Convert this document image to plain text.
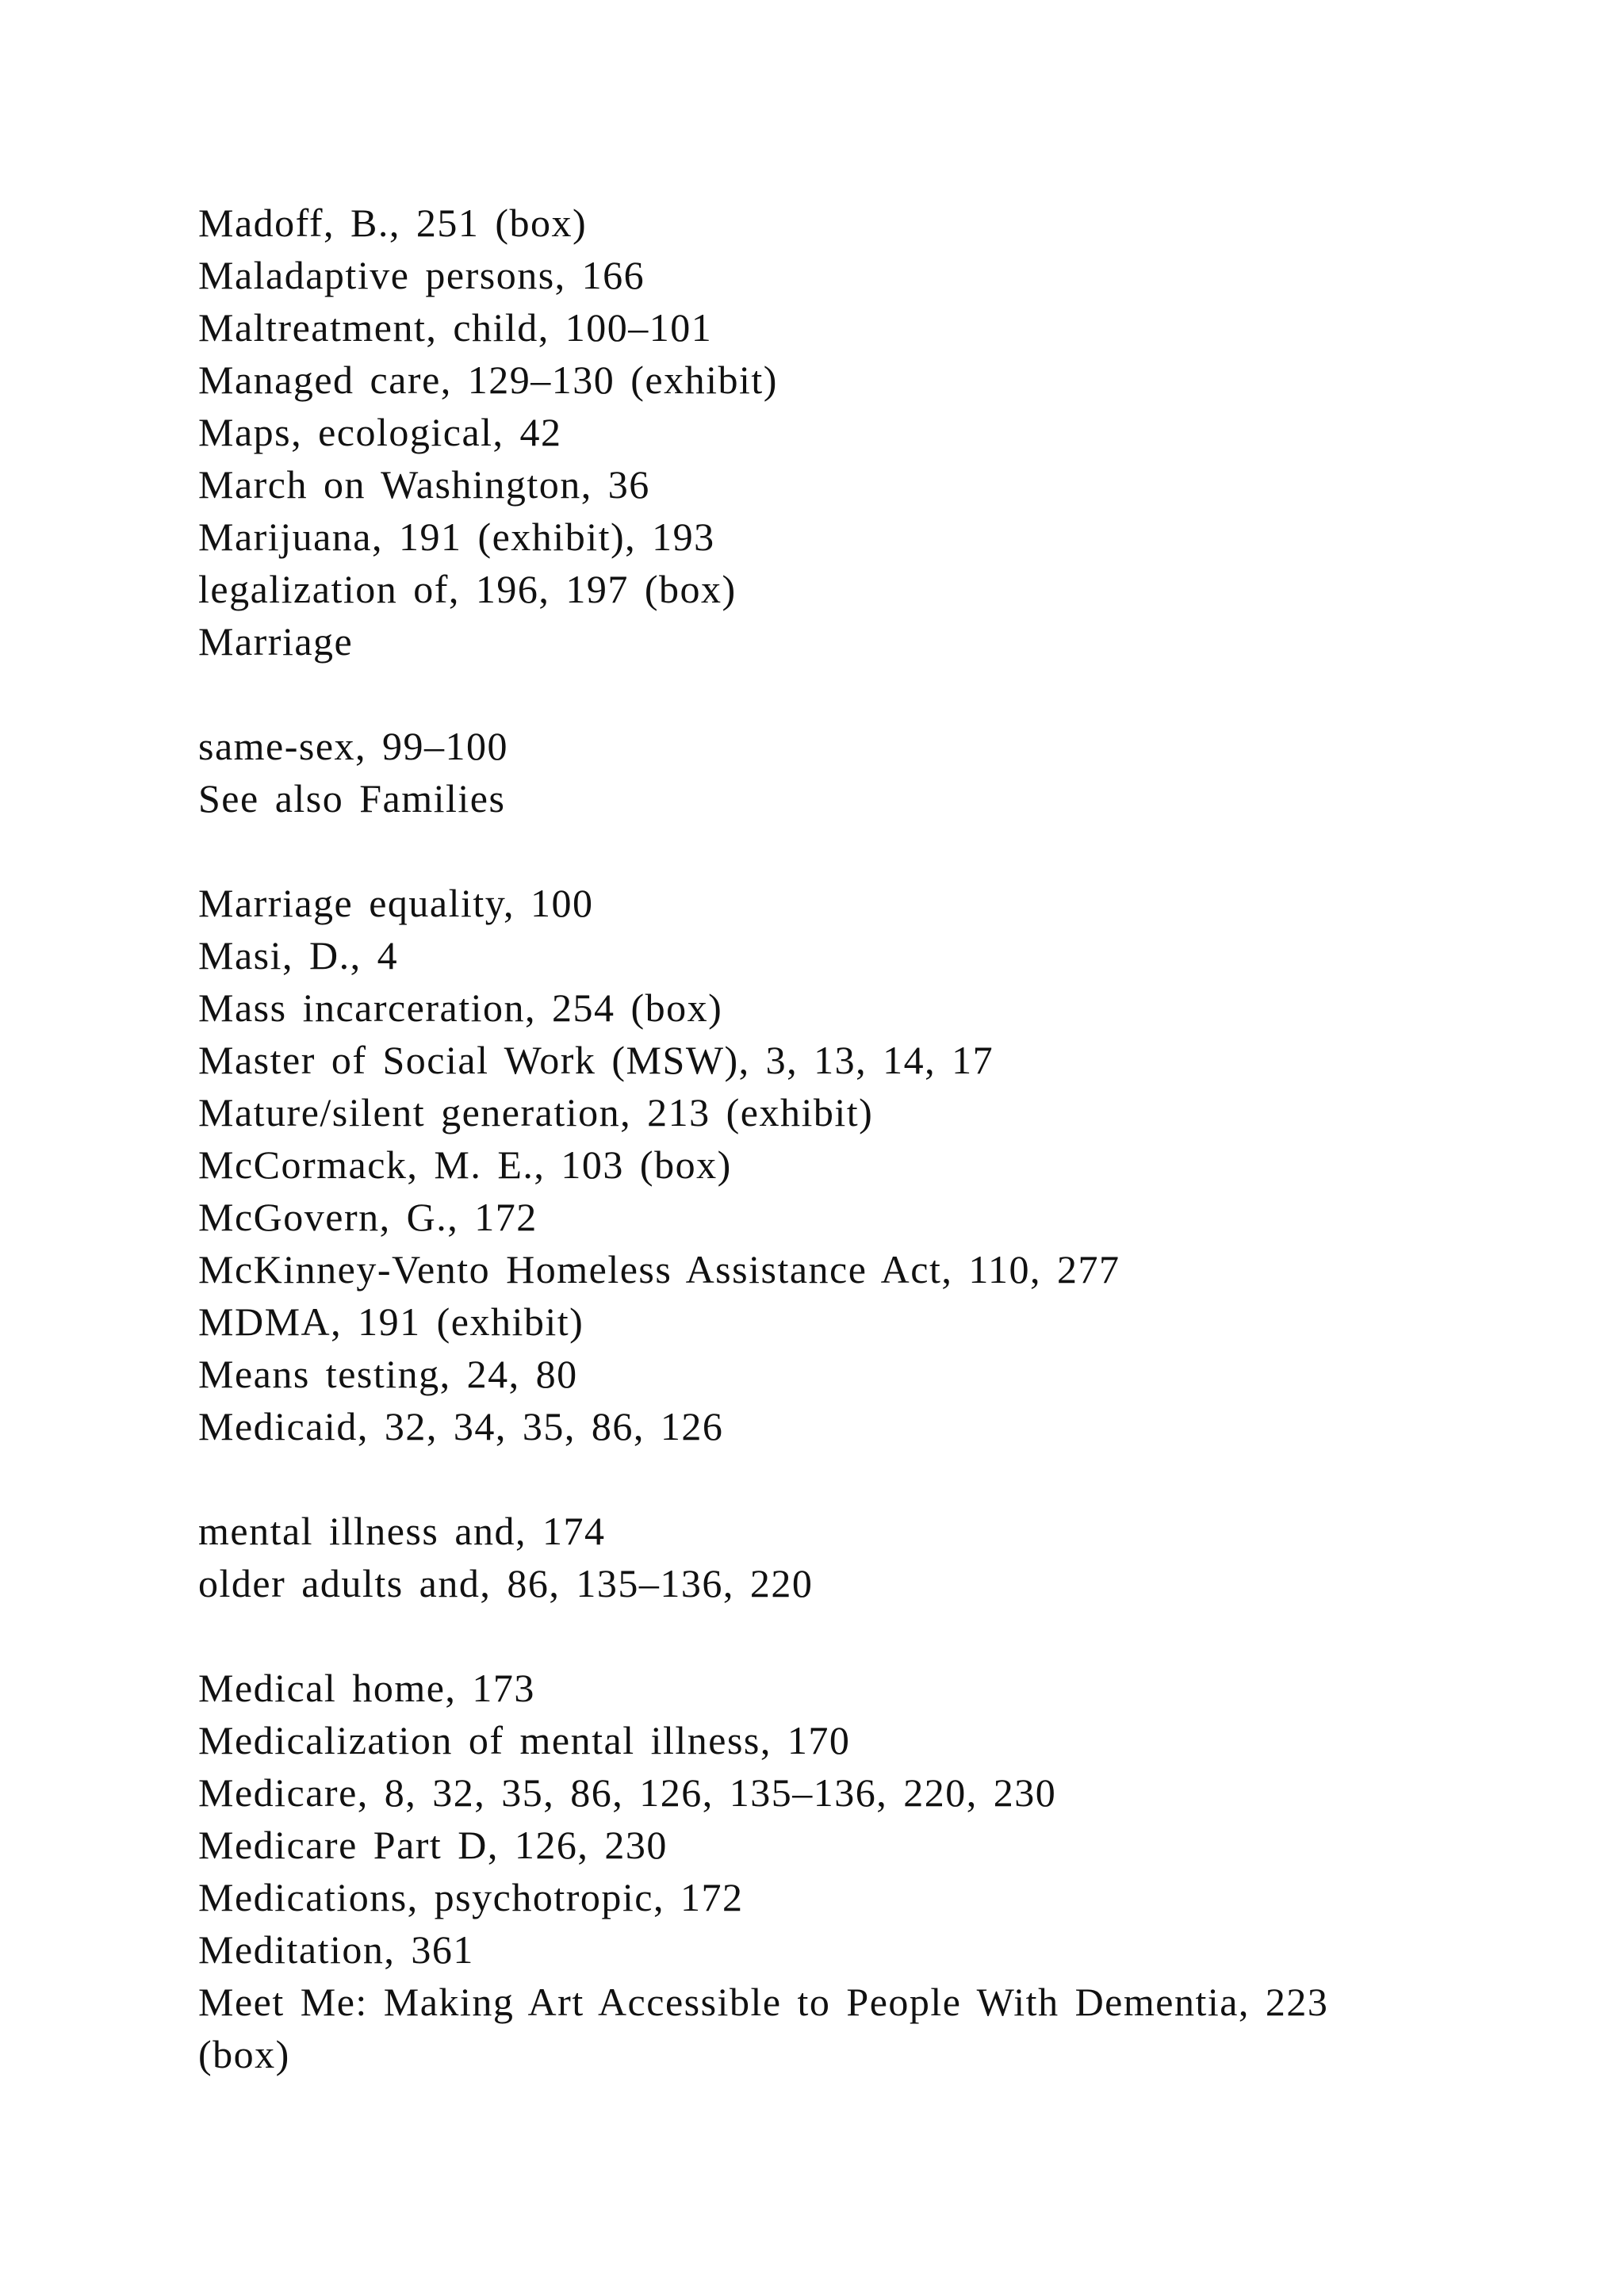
Madoff, B., 251 (box)
Maladaptive persons, 166
Maltreatment, child, 100–101
Managed care, 129–130 (exhibit)
Maps, ecological, 42
March on Washington, 36
Marijuana, 191 (exhibit), 193
legalization of, 196, 197 (box)
Marriage
same-sex, 99–100
See also Families
Marriage equality, 100
Masi, D., 4
Mass incarceration, 254 (box)
Master of Social Work (MSW), 3, 13, 14, 17
Mature/silent generation, 213 (exhibit)
McCormack, M. E., 103 (box)
McGovern, G., 172
McKinney-Vento Homeless Assistance Act, 110, 277
MDMA, 191 (exhibit)
Means testing, 24, 80
Medicaid, 32, 34, 35, 86, 126
mental illness and, 174
older adults and, 86, 135–136, 220
Medical home, 173
Medicalization of mental illness, 170
Medicare, 8, 32, 35, 86, 126, 135–136, 220, 230
Medicare Part D, 126, 230
Medications, psychotropic, 172
Meditation, 361
Meet Me: Making Art Accessible to People With Dementia, 223
(box)
